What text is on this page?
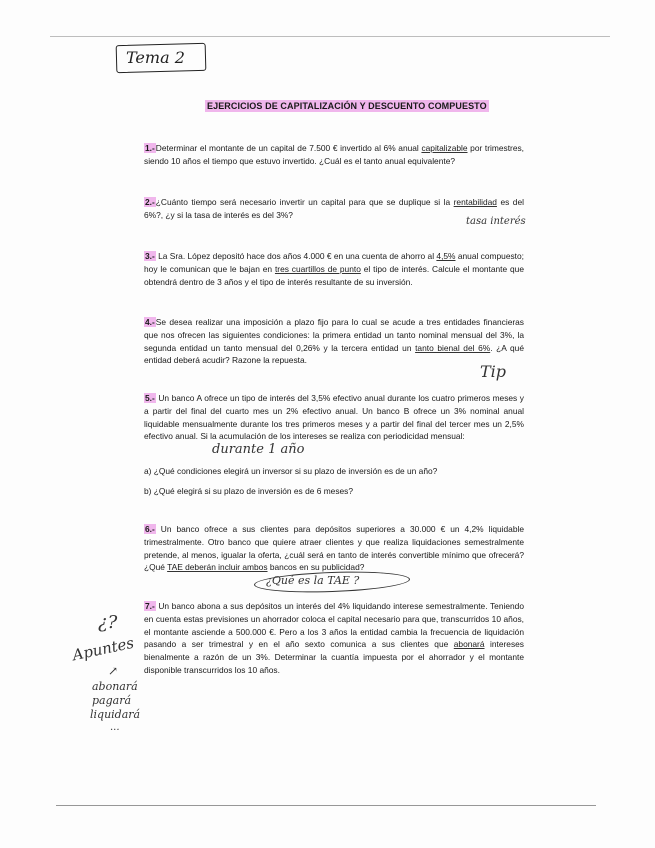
Tema 2
EJERCICIOS DE CAPITALIZACIÓN Y DESCUENTO COMPUESTO
1.-Determinar el montante de un capital de 7.500 € invertido al 6% anual capitalizable por trimestres, siendo 10 años el tiempo que estuvo invertido. ¿Cuál es el tanto anual equivalente?
2.-¿Cuánto tiempo será necesario invertir un capital para que se duplique si la rentabilidad es del 6%?, ¿y si la tasa de interés es del 3%?
tasa interés
3.- La Sra. López depositó hace dos años 4.000 € en una cuenta de ahorro al 4,5% anual compuesto; hoy le comunican que le bajan en tres cuartillos de punto el tipo de interés. Calcule el montante que obtendrá dentro de 3 años y el tipo de interés resultante de su inversión.
4.-Se desea realizar una imposición a plazo fijo para lo cual se acude a tres entidades financieras que nos ofrecen las siguientes condiciones: la primera entidad un tanto nominal mensual del 3%, la segunda entidad un tanto mensual del 0,26% y la tercera entidad un tanto bienal del 6%. ¿A qué entidad deberá acudir? Razone la repuesta.
Tip
5.- Un banco A ofrece un tipo de interés del 3,5% efectivo anual durante los cuatro primeros meses y a partir del final del cuarto mes un 2% efectivo anual. Un banco B ofrece un 3% nominal anual liquidable mensualmente durante los tres primeros meses y a partir del final del tercer mes un 2,5% efectivo anual. Si la acumulación de los intereses se realiza con periodicidad mensual:
durante 1 año
a) ¿Qué condiciones elegirá un inversor si su plazo de inversión es de un año?
b) ¿Qué elegirá si su plazo de inversión es de 6 meses?
6.- Un banco ofrece a sus clientes para depósitos superiores a 30.000 € un 4,2% liquidable trimestralmente. Otro banco que quiere atraer clientes y que realiza liquidaciones semestralmente pretende, al menos, igualar la oferta, ¿cuál será en tanto de interés convertible mínimo que ofrecerá? ¿Qué TAE deberán incluir ambos bancos en su publicidad?
¿Qué es la TAE ?
7.- Un banco abona a sus depósitos un interés del 4% liquidando interese semestralmente. Teniendo en cuenta estas previsiones un ahorrador coloca el capital necesario para que, transcurridos 10 años, el montante asciende a 500.000 €. Pero a los 3 años la entidad cambia la frecuencia de liquidación pasando a ser trimestral y en el año sexto comunica a sus clientes que abonará intereses bienalmente a razón de un 3%. Determinar la cuantía impuesta por el ahorrador y el montante disponible transcurridos los 10 años.
¿?
Apuntes
↗
abonará
pagará
liquidará
...
